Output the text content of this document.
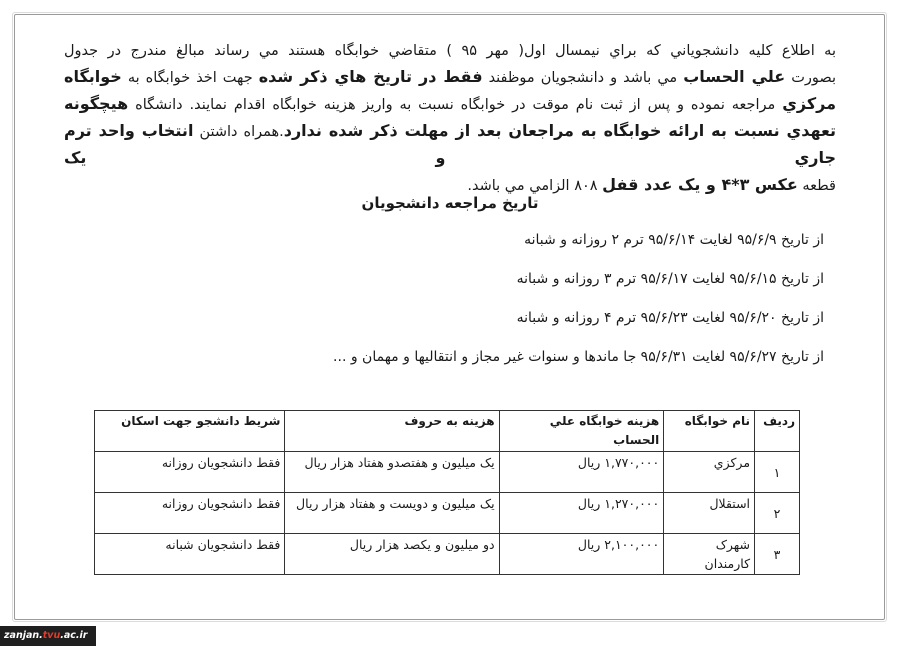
به اطلاع کليه دانشجوياني که براي نيمسال اول( مهر ۹۵ ) متقاضي خوابگاه هستند مي رساند مبالغ مندرج در جدول

بصورت علي الحساب مي باشد و دانشجويان موظفند فقط در تاريخ هاي ذکر شده جهت اخذ خوابگاه به خوابگاه

مرکزي مراجعه نموده و پس از ثبت نام موقت در خوابگاه نسبت به واريز هزينه خوابگاه اقدام نمايند. دانشگاه هيچگونه

تعهدي نسبت به ارائه خوابگاه به مراجعان بعد از مهلت ذکر شده ندارد.همراه داشتن انتخاب واحد ترم جاري و يک

قطعه عکس ۳*۴ و يک عدد قفل ۸۰۸ الزامي مي باشد.

تاريخ مراجعه دانشجويان
از تاريخ ۹۵/۶/۹ لغايت ۹۵/۶/۱۴ ترم ۲ روزانه و شبانه
از تاريخ ۹۵/۶/۱۵ لغايت ۹۵/۶/۱۷ ترم ۳ روزانه و شبانه
از تاريخ ۹۵/۶/۲۰ لغايت ۹۵/۶/۲۳ ترم ۴ روزانه و شبانه
از تاريخ ۹۵/۶/۲۷ لغايت ۹۵/۶/۳۱ جا ماندها و سنوات غير مجاز و انتقاليها و مهمان و ...
رديف	نام خوابگاه	هزينه خوابگاه علي الحساب	هزينه به حروف	شريط دانشجو جهت اسکان
۱	مرکزي	۱,۷۷۰,۰۰۰ ريال	يک ميليون و هفتصدو هفتاد هزار ريال	فقط دانشجويان روزانه
۲	استقلال	۱,۲۷۰,۰۰۰ ريال	يک ميليون و دويست و هفتاد هزار ريال	فقط دانشجويان روزانه
۳	شهرک کارمندان	۲,۱۰۰,۰۰۰ ريال	دو ميليون و يکصد هزار ريال	فقط دانشجويان شبانه
zanjan.tvu.ac.ir
